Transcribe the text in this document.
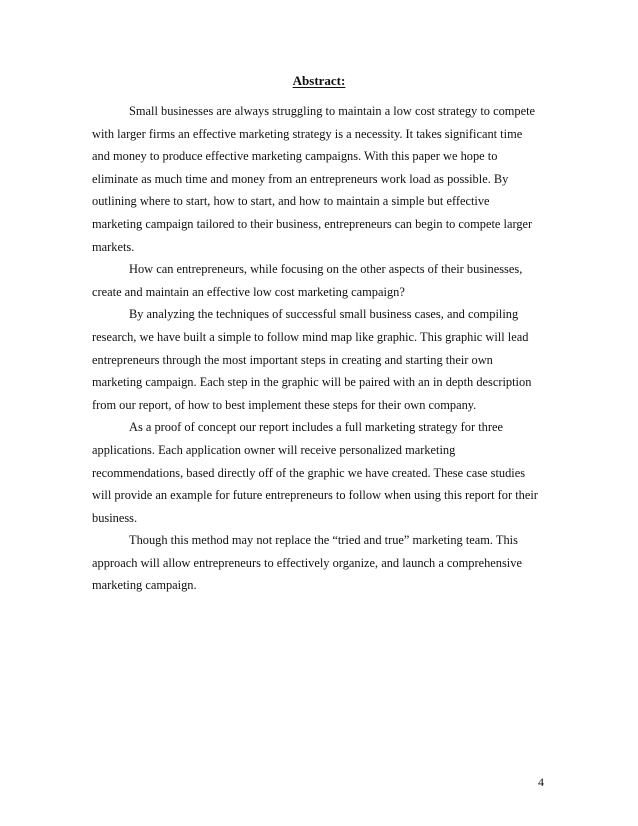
Abstract:

Small businesses are always struggling to maintain a low cost strategy to compete with larger firms an effective marketing strategy is a necessity. It takes significant time and money to produce effective marketing campaigns. With this paper we hope to eliminate as much time and money from an entrepreneurs work load as possible. By outlining where to start, how to start, and how to maintain a simple but effective marketing campaign tailored to their business, entrepreneurs can begin to compete larger markets.

How can entrepreneurs, while focusing on the other aspects of their businesses, create and maintain an effective low cost marketing campaign?

By analyzing the techniques of successful small business cases, and compiling research, we have built a simple to follow mind map like graphic. This graphic will lead entrepreneurs through the most important steps in creating and starting their own marketing campaign. Each step in the graphic will be paired with an in depth description from our report, of how to best implement these steps for their own company.

As a proof of concept our report includes a full marketing strategy for three applications. Each application owner will receive personalized marketing recommendations, based directly off of the graphic we have created. These case studies will provide an example for future entrepreneurs to follow when using this report for their business.

Though this method may not replace the “tried and true” marketing team. This approach will allow entrepreneurs to effectively organize, and launch a comprehensive marketing campaign.

4
